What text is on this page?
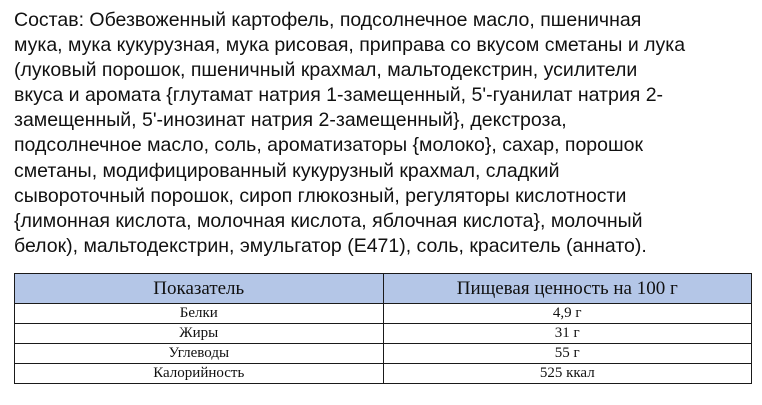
Состав: Обезвоженный картофель, подсолнечное масло, пшеничная
мука, мука кукурузная, мука рисовая, приправа со вкусом сметаны и лука
(луковый порошок, пшеничный крахмал, мальтодекстрин, усилители
вкуса и аромата {глутамат натрия 1-замещенный, 5'-гуанилат натрия 2-
замещенный, 5'-инозинат натрия 2-замещенный}, декстроза,
подсолнечное масло, соль, ароматизаторы {молоко}, сахар, порошок
сметаны, модифицированный кукурузный крахмал, сладкий
сывороточный порошок, сироп глюкозный, регуляторы кислотности
{лимонная кислота, молочная кислота, яблочная кислота}, молочный
белок), мальтодекстрин, эмульгатор (E471), соль, краситель (аннато).
Показатель	Пищевая ценность на 100 г
Белки	4,9 г
Жиры	31 г
Углеводы	55 г
Калорийность	525 ккал
